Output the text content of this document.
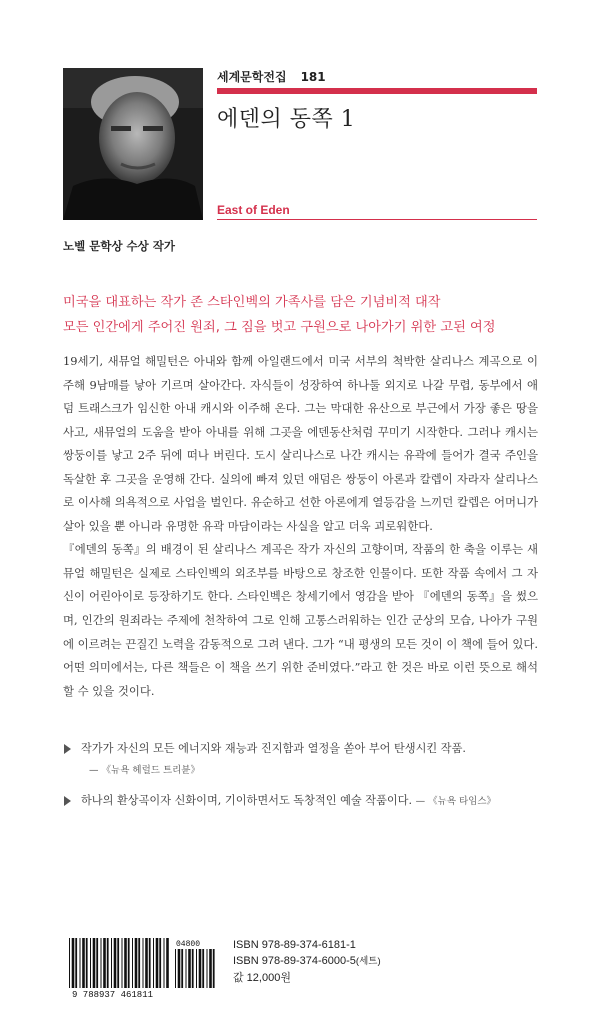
세계문학전집 181
에덴의 동쪽 1
East of Eden
노벨 문학상 수상 작가
미국을 대표하는 작가 존 스타인벡의 가족사를 담은 기념비적 대작
모든 인간에게 주어진 원죄, 그 짐을 벗고 구원으로 나아가기 위한 고된 여정

19세기, 새뮤얼 해밀턴은 아내와 함께 아일랜드에서 미국 서부의 척박한 살리나스 계곡으로 이주해 9남매를 낳아 기르며 살아간다. 자식들이 성장하여 하나둘 외지로 나갈 무렵, 동부에서 애덤 트래스크가 임신한 아내 캐시와 이주해 온다. 그는 막대한 유산으로 부근에서 가장 좋은 땅을 사고, 새뮤얼의 도움을 받아 아내를 위해 그곳을 에덴동산처럼 꾸미기 시작한다. 그러나 캐시는 쌍둥이를 낳고 2주 뒤에 떠나 버린다. 도시 살리나스로 나간 캐시는 유곽에 들어가 결국 주인을 독살한 후 그곳을 운영해 간다. 실의에 빠져 있던 애덤은 쌍둥이 아론과 칼렙이 자라자 살리나스로 이사해 의욕적으로 사업을 벌인다. 유순하고 선한 아론에게 열등감을 느끼던 칼렙은 어머니가 살아 있을 뿐 아니라 유명한 유곽 마담이라는 사실을 알고 더욱 괴로워한다.

『에덴의 동쪽』의 배경이 된 살리나스 계곡은 작가 자신의 고향이며, 작품의 한 축을 이루는 새뮤얼 해밀턴은 실제로 스타인벡의 외조부를 바탕으로 창조한 인물이다. 또한 작품 속에서 그 자신이 어린아이로 등장하기도 한다. 스타인벡은 창세기에서 영감을 받아 『에덴의 동쪽』을 썼으며, 인간의 원죄라는 주제에 천착하여 그로 인해 고통스러워하는 인간 군상의 모습, 나아가 구원에 이르려는 끈질긴 노력을 감동적으로 그려 낸다. 그가 “내 평생의 모든 것이 이 책에 들어 있다. 어떤 의미에서는, 다른 책들은 이 책을 쓰기 위한 준비였다.”라고 한 것은 바로 이런 뜻으로 해석할 수 있을 것이다.

작가가 자신의 모든 에너지와 재능과 진지함과 열정을 쏟아 부어 탄생시킨 작품.
— 《뉴욕 헤럴드 트리뷴》
하나의 환상곡이자 신화이며, 기이하면서도 독창적인 예술 작품이다. — 《뉴욕 타임스》
9 788937 461811
04800	ISBN 978-89-374-6181-1
ISBN 978-89-374-6000-5(세트)
값 12,000원
